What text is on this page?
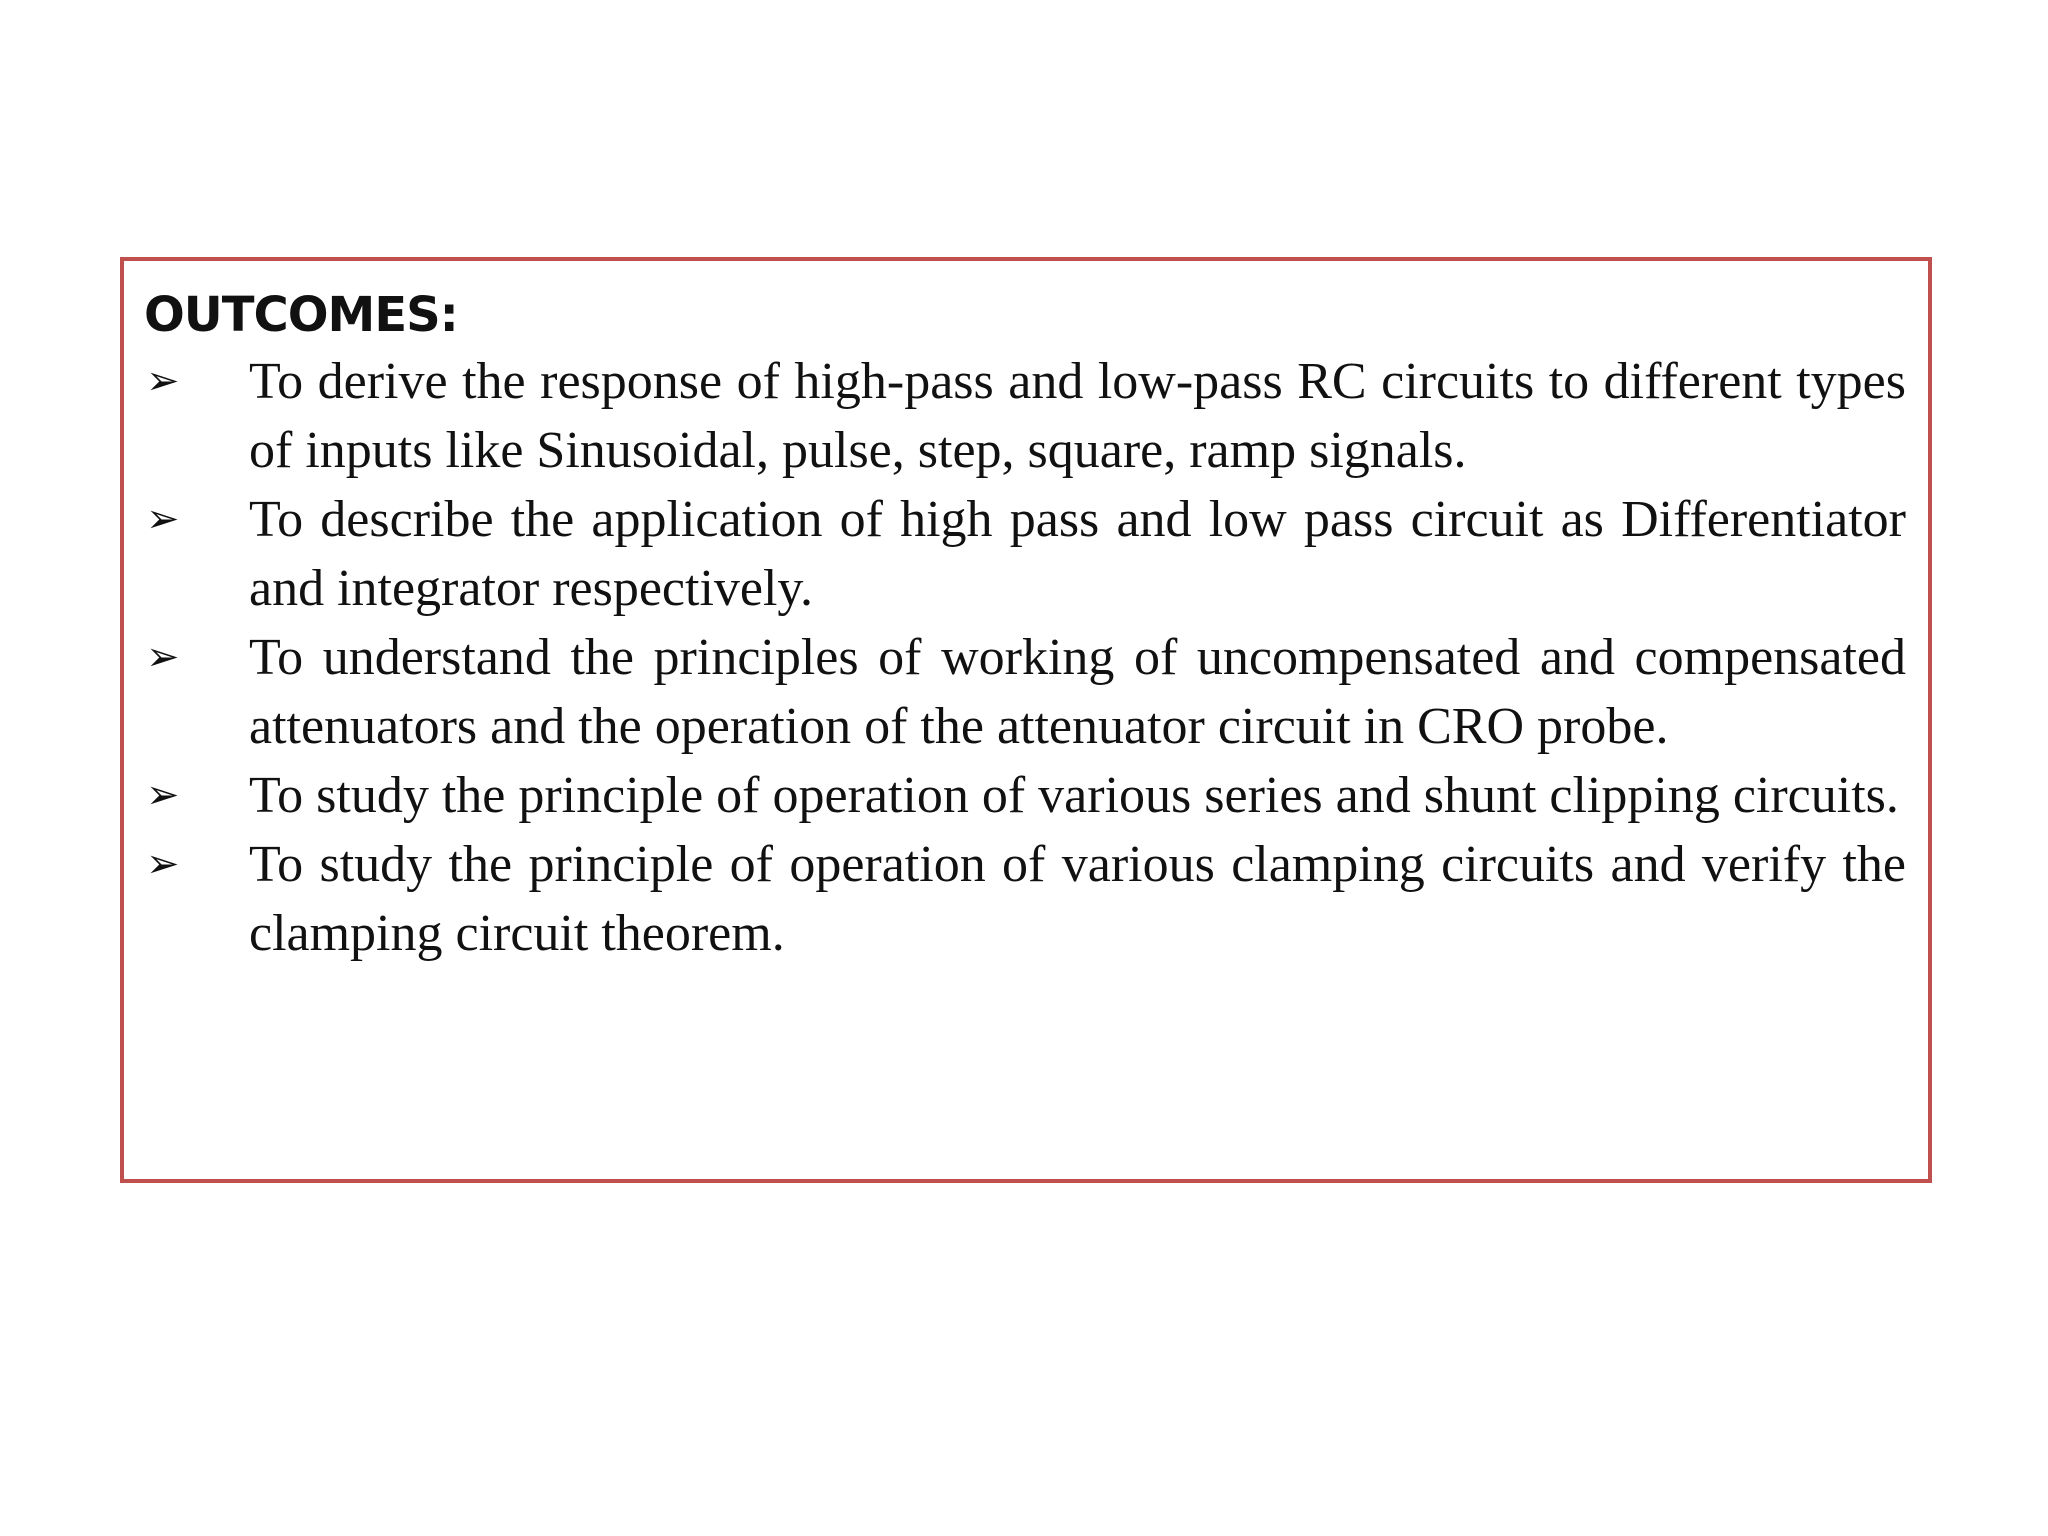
OUTCOMES:
➢	To derive the response of high-pass and low-pass RC circuits to different types of inputs like Sinusoidal, pulse, step, square, ramp signals.

➢	To describe the application of high pass and low pass circuit as Differentiator and integrator respectively.

➢	To understand the principles of working of uncompensated and compensated attenuators and the operation of the attenuator circuit in CRO probe.

➢	To study the principle of operation of various series and shunt clipping circuits.

➢	To study the principle of operation of various clamping circuits and verify the clamping circuit theorem.
